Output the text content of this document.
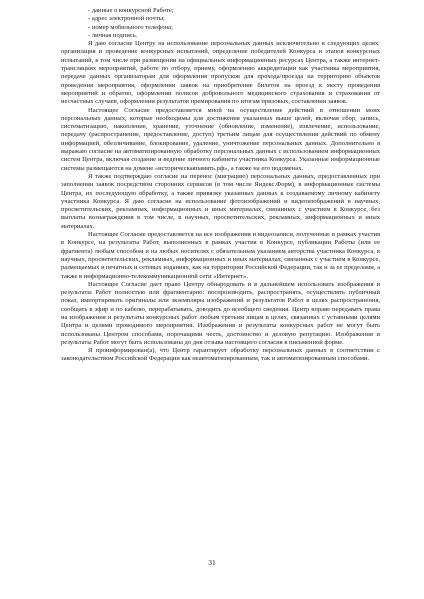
- данные о конкурсной Работе;
- адрес электронной почты;
- номер мобильного телефона;
- личная подпись.

Я даю согласие Центру на использование персональных данных исключительно в следующих целях: организация и проведение конкурсных испытаний, определение победителей Конкурса и этапов конкурсных испытаний, в том числе при размещении на официальных информационных ресурсах Центра, а также интернет-трансляциях мероприятий, работе по отбору, приему, оформлению аккредитации как участника мероприятия, передаче данных организаторам для оформления пропусков для прохода/проезда на территорию объектов проведения мероприятия, оформлении заявок на приобретение билетов на проезд к месту проведения мероприятий и обратно, оформлении полисов добровольного медицинского страхования и страхования от несчастных случаев, оформлении результатов премирования по итогам призовых, составлении заявок.

Настоящее Согласие предоставляется мной на осуществление действий в отношении моих персональных данных, которые необходимы для достижения указанных выше целей, включая сбор, запись, систематизацию, накопление, хранение, уточнение (обновление, изменение), извлечение, использование, передачу (распространение, предоставление, доступ) третьим лицам для осуществления действий по обмену информацией, обезличивание, блокирование, удаление, уничтожение персональных данных. Дополнительно я выражаю согласие на автоматизированную обработку персональных данных с использованием информационных систем Центра, включая создание и ведение личного кабинета участника Конкурса. Указанные информационные системы размещаются на домене «историческаяпамять.рф», а также на его подоменах.

Я также подтверждаю согласие на перенос (миграцию) персональных данных, предоставленных при заполнении заявок посредством сторонних сервисов (в том числе Яндекс.Форм), в информационные системы Центра, их последующую обработку, а также привязку указанных данных к создаваемому личному кабинету участника Конкурса. Я даю согласие на использование фотоизображений и видеоизображений в научных, просветительских, рекламных, информационных и иных материалах, связанных с участием в Конкурсе, без выплаты вознаграждения в том числе, в научных, просветительских, рекламных, информационных и иных материалах.

Настоящее Согласие предоставляется на все изображения и видеозаписи, полученные в рамках участия в Конкурсе, на результаты Работ, выполненных в рамках участия в Конкурсе, публикации Работы (или ее фрагмента) любым способом и на любых носителях с обязательным указанием авторства участника Конкурса, в научных, просветительских, рекламных, информационных и иных материалах, связанных с участием в Конкурсе, размещаемых в печатных и сетевых изданиях, как на территории Российской Федерации, так и за ее пределами, а также в информационно-телекоммуникационной сети «Интернет».

Настоящее Согласие дает право Центру обнародовать и в дальнейшем использовать изображения и результаты Работ полностью или фрагментарно: воспроизводить, распространять, осуществлять публичный показ, импортировать оригиналы или экземпляры изображений и результатов Работ в целях распространения, сообщать в эфир и по кабелю, перерабатывать, доводить до всеобщего сведения. Центр вправе передавать права на изображения и результаты конкурсных работ любым третьим лицам в целях, связанных с уставными целями Центра и целями проводимого мероприятия. Изображения и результаты конкурсных работ не могут быть использованы Центром способами, порочащими честь, достоинство и деловую репутацию. Изображения и результаты Работ могут быть использованы до дня отзыва настоящего согласия в письменной форме.

Я проинформирован(а), что Центр гарантирует обработку персональных данных в соответствии с законодательством Российской Федерации как неавтоматизированным, так и автоматизированным способами.

31
